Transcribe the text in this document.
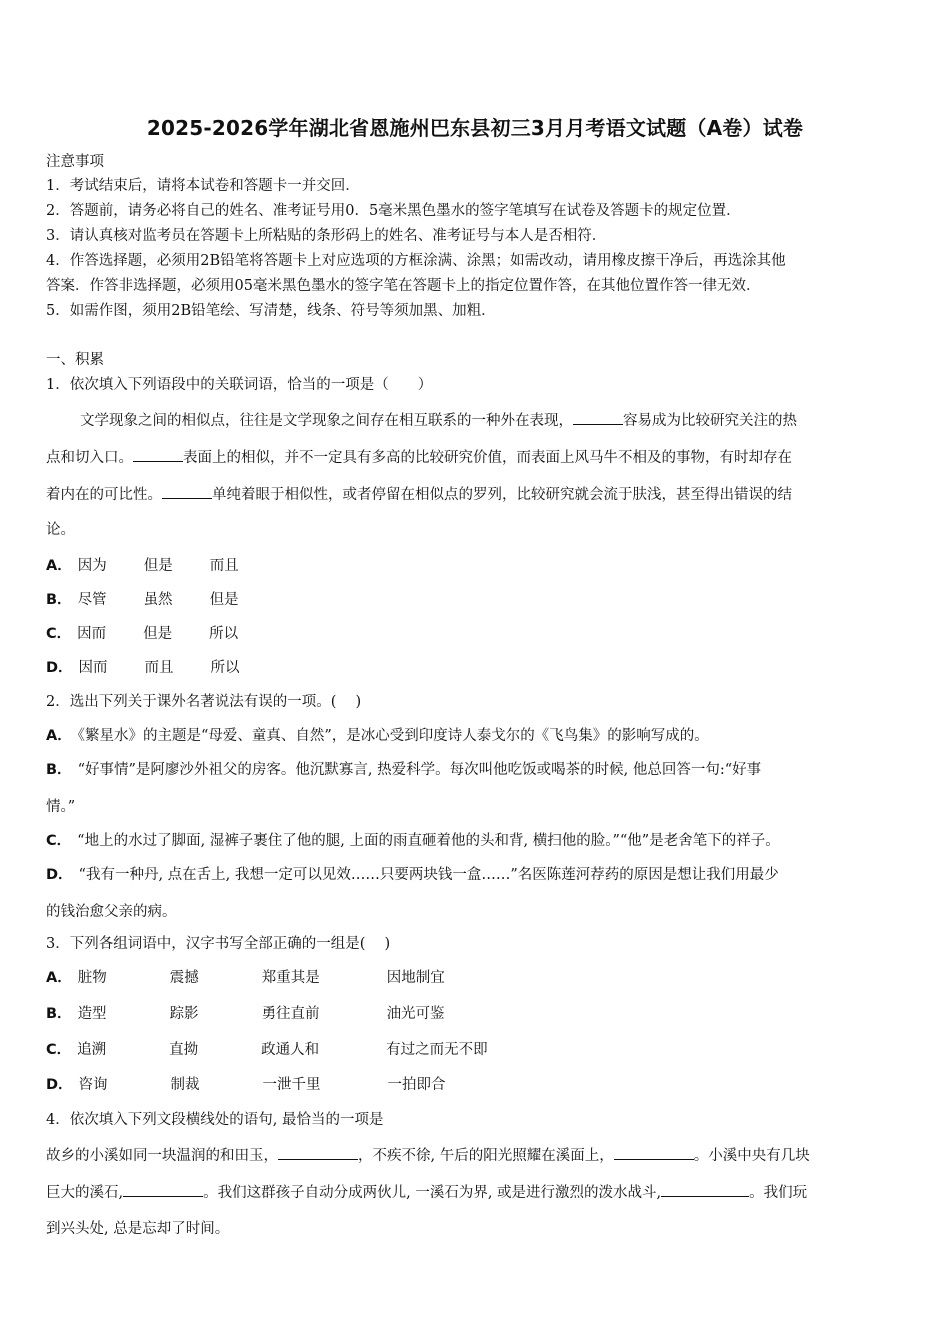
2025-2026学年湖北省恩施州巴东县初三3月月考语文试题（A卷）试卷
注意事项
1．考试结束后，请将本试卷和答题卡一并交回．
2．答题前，请务必将自己的姓名、准考证号用0．5毫米黑色墨水的签字笔填写在试卷及答题卡的规定位置．
3．请认真核对监考员在答题卡上所粘贴的条形码上的姓名、准考证号与本人是否相符．
4．作答选择题，必须用2B铅笔将答题卡上对应选项的方框涂满、涂黑；如需改动，请用橡皮擦干净后，再选涂其他
答案．作答非选择题，必须用05毫米黑色墨水的签字笔在答题卡上的指定位置作答，在其他位置作答一律无效．
5．如需作图，须用2B铅笔绘、写清楚，线条、符号等须加黑、加粗．
一、积累
1．依次填入下列语段中的关联词语，恰当的一项是（　　）
文学现象之间的相似点，往往是文学现象之间存在相互联系的一种外在表现，	容易成为比较研究关注的热
点和切入口。	表面上的相似，并不一定具有多高的比较研究价值，而表面上风马牛不相及的事物，有时却存在
着内在的可比性。	单纯着眼于相似性，或者停留在相似点的罗列，比较研究就会流于肤浅，甚至得出错误的结
论。
A． 因为	但是	而且
B． 尽管	虽然	但是
C． 因而	但是	所以
D． 因而	而且	所以
2．选出下列关于课外名著说法有误的一项。(　 )
A． 《繁星水》的主题是“母爱、童真、自然”，是冰心受到印度诗人泰戈尔的《飞鸟集》的影响写成的。
B． “好事情”是阿廖沙外祖父的房客。他沉默寡言, 热爱科学。每次叫他吃饭或喝茶的时候, 他总回答一句:“好事
情。”
C． “地上的水过了脚面, 湿裤子裹住了他的腿, 上面的雨直砸着他的头和背, 横扫他的脸。”“他”是老舍笔下的祥子。
D． “我有一种丹, 点在舌上, 我想一定可以见效……只要两块钱一盒……”名医陈莲河荐药的原因是想让我们用最少
的钱治愈父亲的病。
3．下列各组词语中，汉字书写全部正确的一组是(　 )
A． 脏物	震撼	郑重其是	因地制宜
B． 造型	踪影	勇往直前	油光可鉴
C． 追溯	直拗	政通人和	有过之而无不即
D． 咨询	制裁	一泄千里	一拍即合
4．依次填入下列文段横线处的语句, 最恰当的一项是
故乡的小溪如同一块温润的和田玉，	，不疾不徐, 午后的阳光照耀在溪面上，	。小溪中央有几块
巨大的溪石,	。我们这群孩子自动分成两伙儿, 一溪石为界, 或是进行激烈的泼水战斗,	。我们玩
到兴头处, 总是忘却了时间。
